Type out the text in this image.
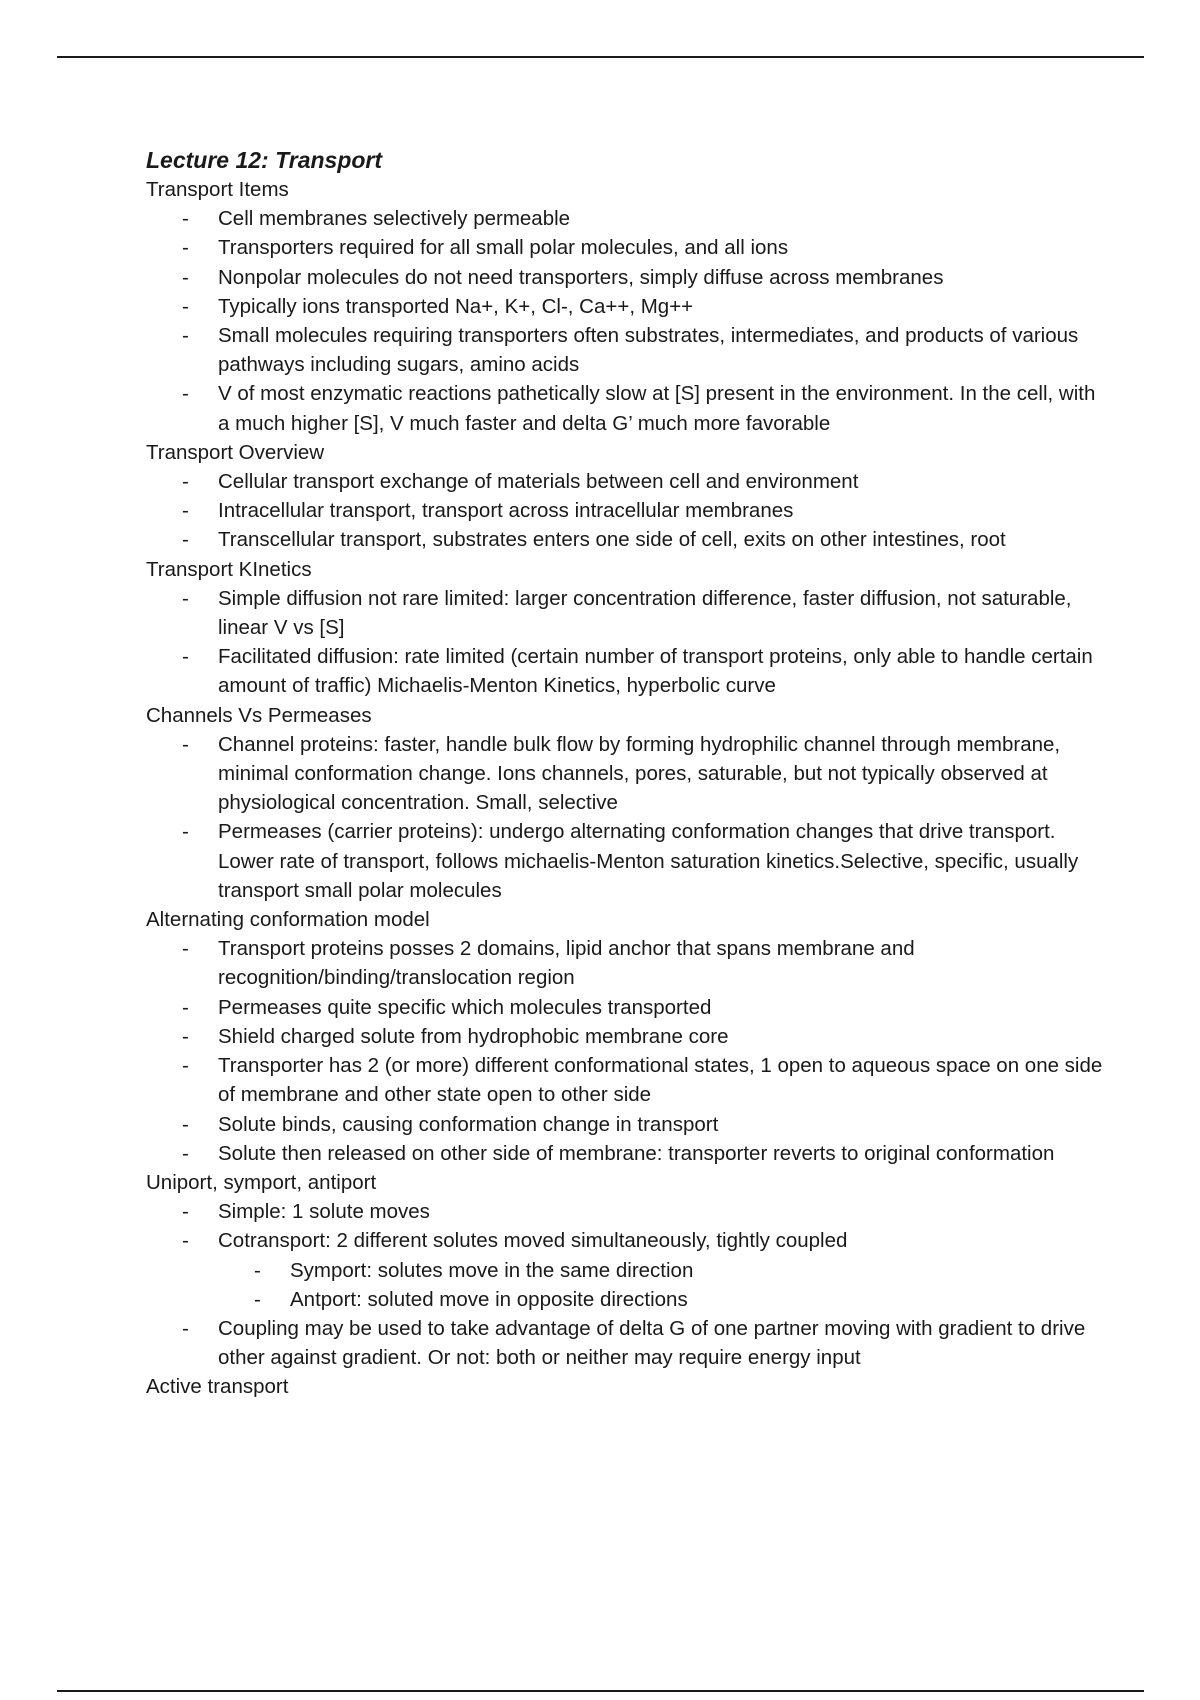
Lecture 12: Transport

Transport Items

-	Cell membranes selectively permeable
-	Transporters required for all small polar molecules, and all ions
-	Nonpolar molecules do not need transporters, simply diffuse across membranes
-	Typically ions transported Na+, K+, Cl-, Ca++, Mg++
-	Small molecules requiring transporters often substrates, intermediates, and products of various pathways including sugars, amino acids
-	V of most enzymatic reactions pathetically slow at [S] present in the environment. In the cell, with a much higher [S], V much faster and delta G’ much more favorable

Transport Overview

-	Cellular transport exchange of materials between cell and environment
-	Intracellular transport, transport across intracellular membranes
-	Transcellular transport, substrates enters one side of cell, exits on other intestines, root

Transport KInetics

-	Simple diffusion not rare limited: larger concentration difference, faster diffusion, not saturable, linear V vs [S]
-	Facilitated diffusion: rate limited (certain number of transport proteins, only able to handle certain amount of traffic) Michaelis-Menton Kinetics, hyperbolic curve

Channels Vs Permeases

-	Channel proteins: faster, handle bulk flow by forming hydrophilic channel through membrane, minimal conformation change. Ions channels, pores, saturable, but not typically observed at physiological concentration. Small, selective
-	Permeases (carrier proteins): undergo alternating conformation changes that drive transport. Lower rate of transport, follows michaelis-Menton saturation kinetics.Selective, specific, usually transport small polar molecules

Alternating conformation model

-	Transport proteins posses 2 domains, lipid anchor that spans membrane and recognition/binding/translocation region
-	Permeases quite specific which molecules transported
-	Shield charged solute from hydrophobic membrane core
-	Transporter has 2 (or more) different conformational states, 1 open to aqueous space on one side of membrane and other state open to other side
-	Solute binds, causing conformation change in transport
-	Solute then released on other side of membrane: transporter reverts to original conformation

Uniport, symport, antiport

-	Simple: 1 solute moves
-	Cotransport: 2 different solutes moved simultaneously, tightly coupled
-	Symport: solutes move in the same direction
-	Antport: soluted move in opposite directions
-	Coupling may be used to take advantage of delta G of one partner moving with gradient to drive other against gradient. Or not: both or neither may require energy input

Active transport
